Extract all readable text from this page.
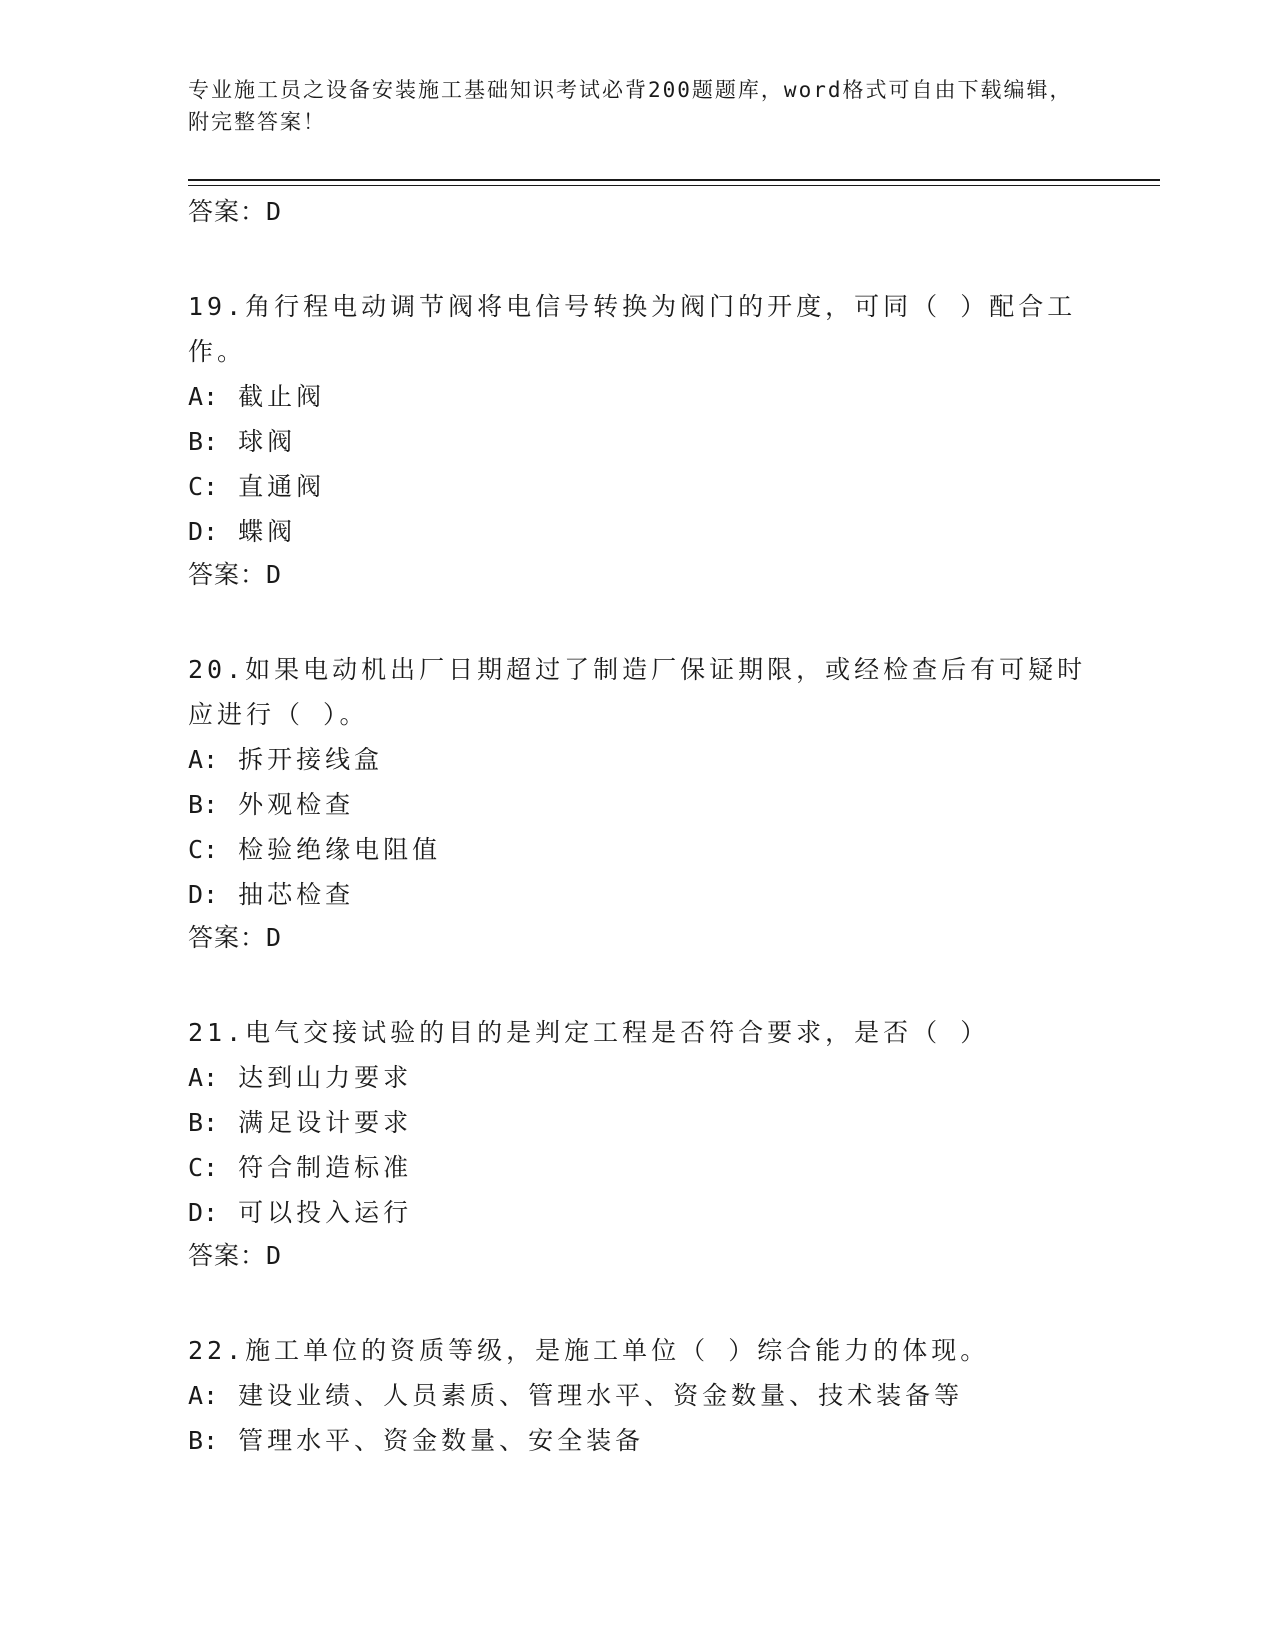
专业施工员之设备安装施工基础知识考试必背200题题库，word格式可自由下载编辑，附完整答案！
答案：D
19.角行程电动调节阀将电信号转换为阀门的开度，可同（ ）配合工作。
A: 截止阀
B: 球阀
C: 直通阀
D: 蝶阀
答案：D
20.如果电动机出厂日期超过了制造厂保证期限，或经检查后有可疑时应进行（ ）。
A: 拆开接线盒
B: 外观检查
C: 检验绝缘电阻值
D: 抽芯检查
答案：D
21.电气交接试验的目的是判定工程是否符合要求，是否（ ）
A: 达到山力要求
B: 满足设计要求
C: 符合制造标准
D: 可以投入运行
答案：D
22.施工单位的资质等级，是施工单位（ ）综合能力的体现。
A: 建设业绩、人员素质、管理水平、资金数量、技术装备等
B: 管理水平、资金数量、安全装备
